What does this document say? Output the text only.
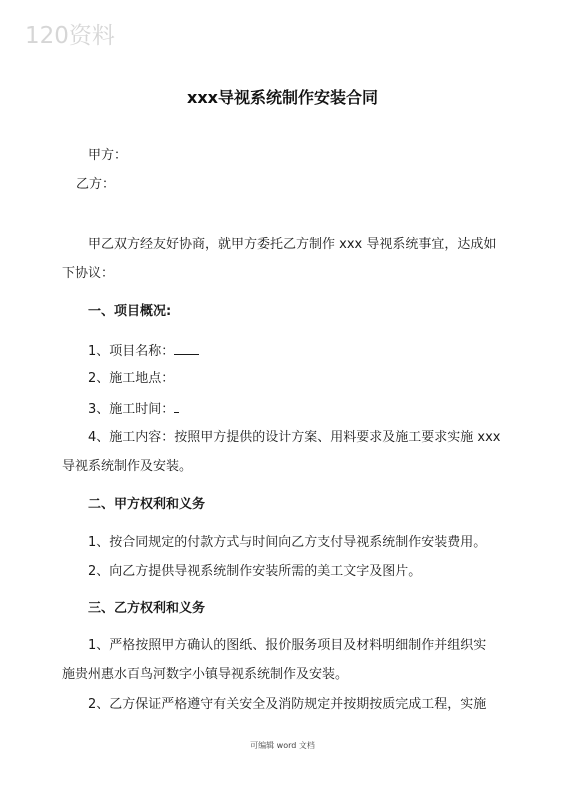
120资料
xxx导视系统制作安装合同
甲方：
乙方：
甲乙双方经友好协商，就甲方委托乙方制作 xxx 导视系统事宜，达成如
下协议：
一、项目概况:
1、项目名称：
2、施工地点：
3、施工时间：
4、施工内容：按照甲方提供的设计方案、用料要求及施工要求实施 xxx
导视系统制作及安装。
二、甲方权利和义务
1、按合同规定的付款方式与时间向乙方支付导视系统制作安装费用。
2、向乙方提供导视系统制作安装所需的美工文字及图片。
三、乙方权利和义务
1、严格按照甲方确认的图纸、报价服务项目及材料明细制作并组织实
施贵州惠水百鸟河数字小镇导视系统制作及安装。
2、乙方保证严格遵守有关安全及消防规定并按期按质完成工程，实施
可编辑 word 文档
